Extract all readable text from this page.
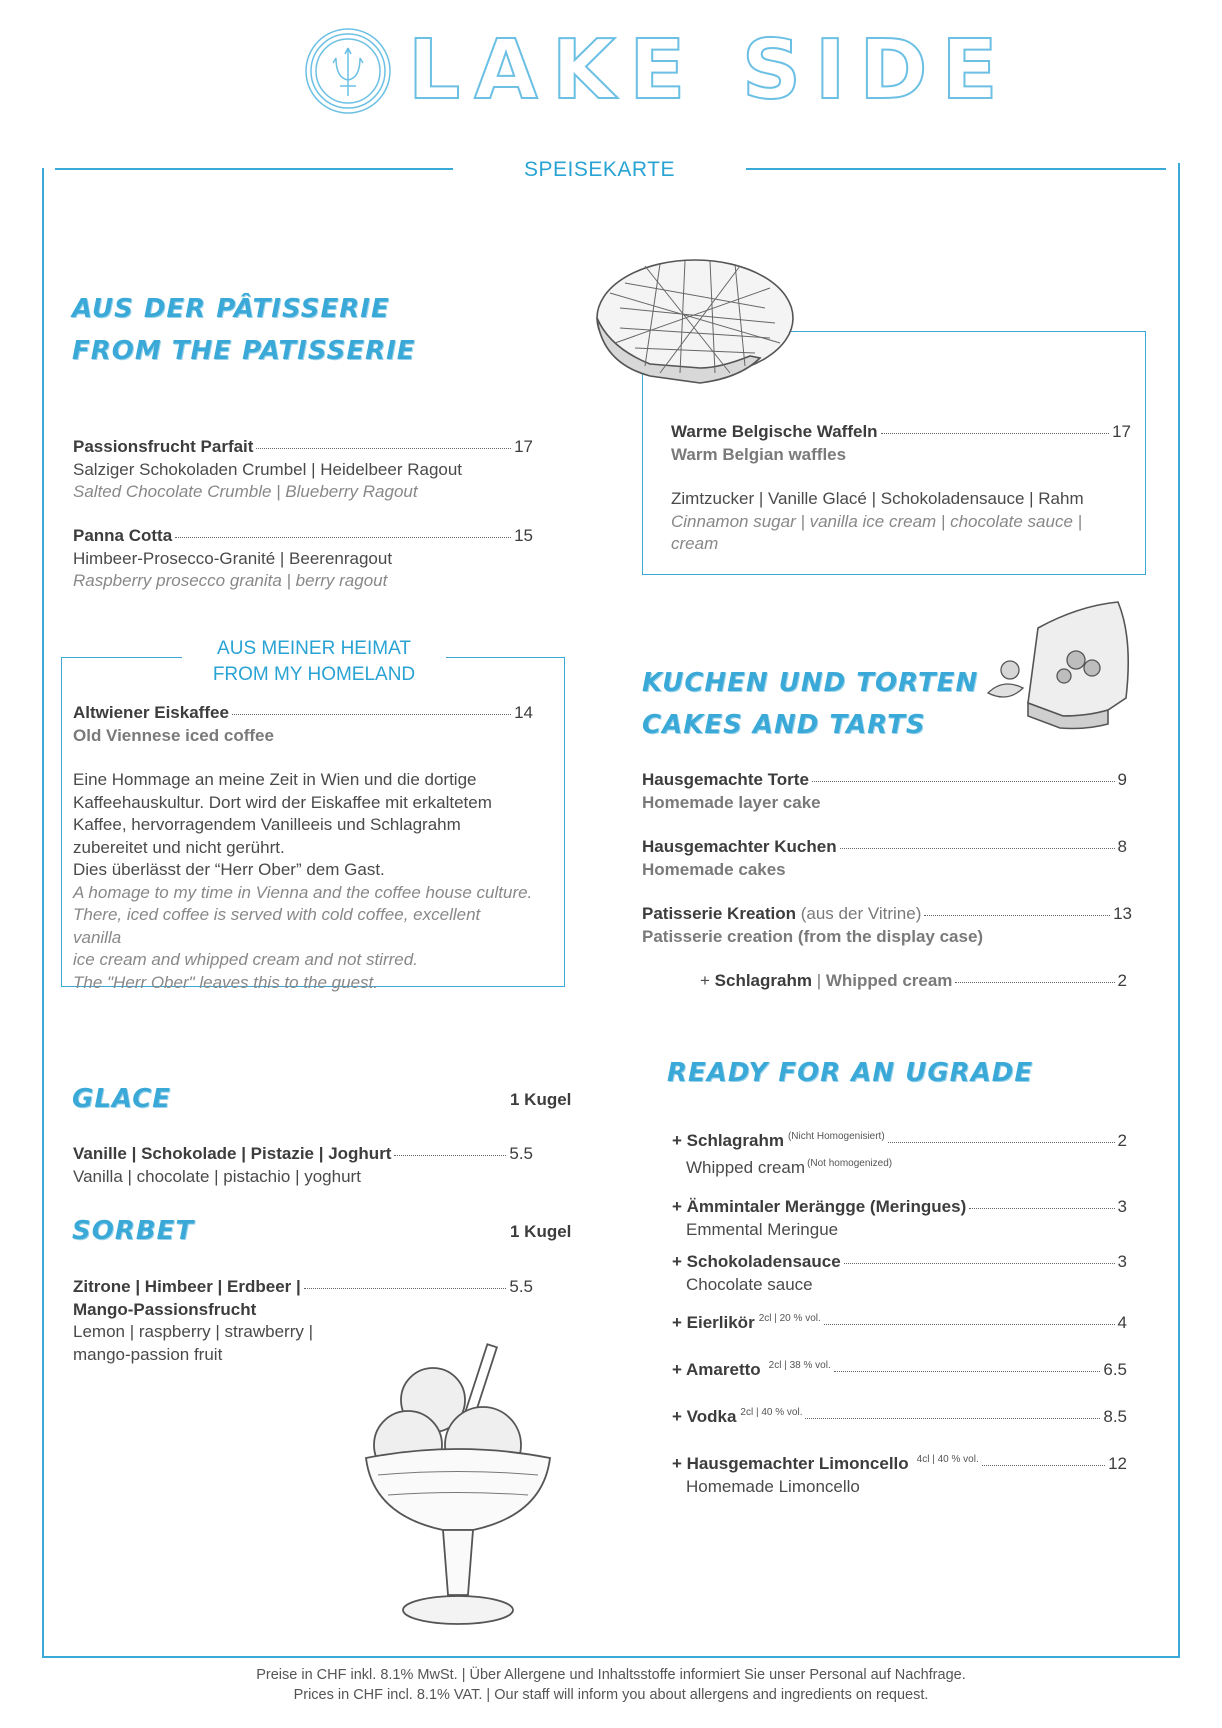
LAKE SIDE
SPEISEKARTE
AUS DER PÂTISSERIE
FROM THE PATISSERIE
Passionsfrucht Parfait	17
Salziger Schokoladen Crumbel | Heidelbeer Ragout
Salted Chocolate Crumble | Blueberry Ragout
Panna Cotta	15
Himbeer-Prosecco-Granité | Beerenragout
Raspberry prosecco granita | berry ragout
Warme Belgische Waffeln	17
Warm Belgian waffles
Zimtzucker | Vanille Glacé | Schokoladensauce | Rahm
Cinnamon sugar | vanilla ice cream | chocolate sauce | cream
AUS MEINER HEIMAT
FROM MY HOMELAND
Altwiener Eiskaffee	14
Old Viennese iced coffee
Eine Hommage an meine Zeit in Wien und die dortige
Kaffeehauskultur. Dort wird der Eiskaffee mit erkaltetem
Kaffee, hervorragendem Vanilleeis und Schlagrahm
zubereitet und nicht gerührt.
Dies überlässt der “Herr Ober” dem Gast.
A homage to my time in Vienna and the coffee house culture.
There, iced coffee is served with cold coffee, excellent vanilla
ice cream and whipped cream and not stirred.
The "Herr Ober" leaves this to the guest.
KUCHEN UND TORTEN
CAKES AND TARTS
Hausgemachte Torte	9
Homemade layer cake
Hausgemachter Kuchen	8
Homemade cakes
Patisserie Kreation (aus der Vitrine)	13
Patisserie creation (from the display case)
+ Schlagrahm | Whipped cream	2
GLACE	1 Kugel
Vanille | Schokolade | Pistazie | Joghurt	5.5
Vanilla | chocolate | pistachio | yoghurt
SORBET	1 Kugel
Zitrone | Himbeer | Erdbeer |	5.5
Mango-Passionsfrucht
Lemon | raspberry | strawberry |
mango-passion fruit
READY FOR AN UGRADE
+ Schlagrahm $^{(Nicht Homogenisiert)}$	2
Whipped cream $^{(Not homogenized)}$
+ Ämmintaler Merängge (Meringues)	3
Emmental Meringue
+ Schokoladensauce	3
Chocolate sauce
+ Eierlikör $^{2cl | 20 \% vol.}$	4
+ Amaretto $^{2cl | 38 \% vol.}$	6.5
+ Vodka $^{2cl | 40 \% vol.}$	8.5
+ Hausgemachter Limoncello $^{4cl | 40 \% vol.}$	12
Homemade Limoncello
Preise in CHF inkl. 8.1% MwSt. | Über Allergene und Inhaltsstoffe informiert Sie unser Personal auf Nachfrage.
Prices in CHF incl. 8.1% VAT. | Our staff will inform you about allergens and ingredients on request.
